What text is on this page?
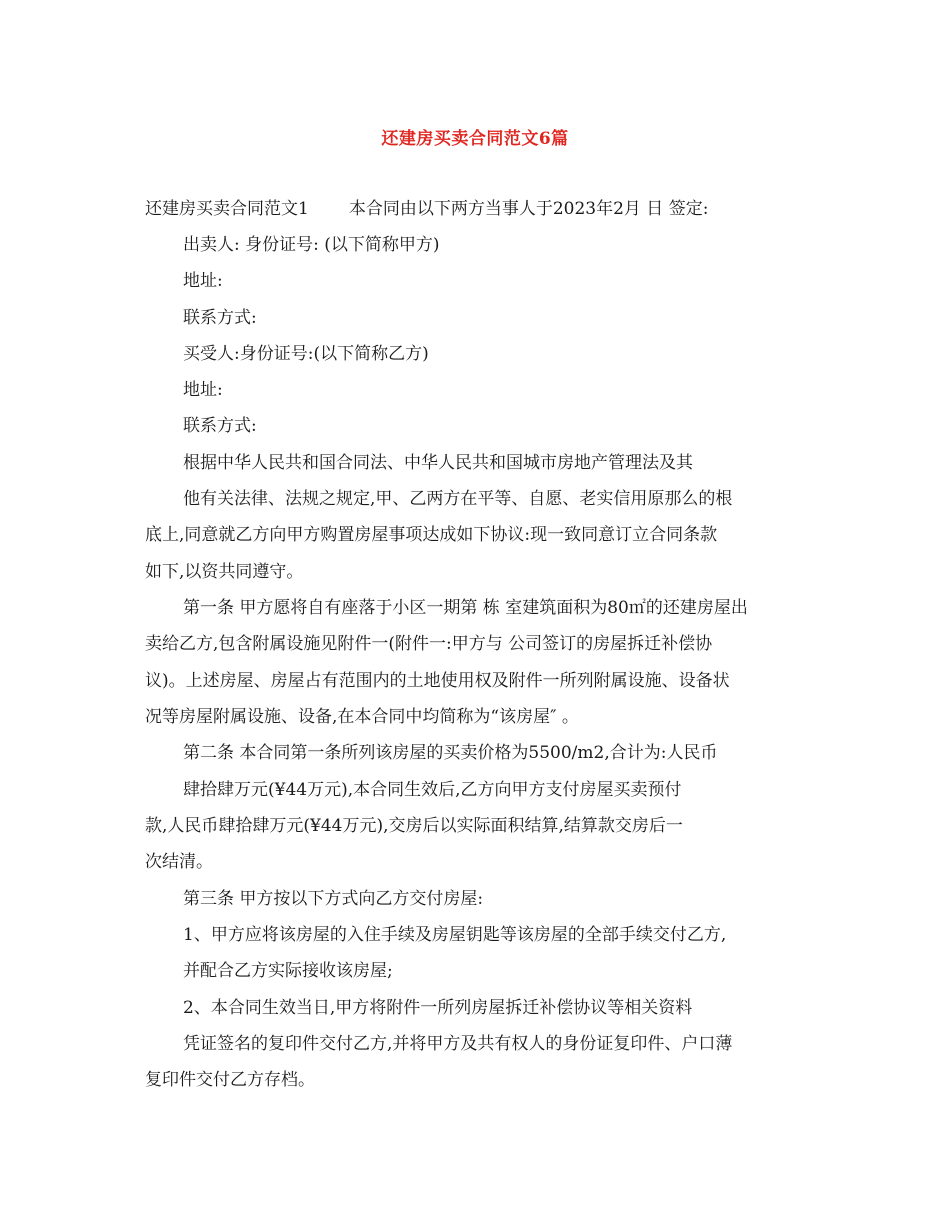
还建房买卖合同范文6篇
还建房买卖合同范文1 本合同由以下两方当事人于2023年2月 日 签定:
出卖人: 身份证号: (以下简称甲方)
地址:
联系方式:
买受人:身份证号:(以下简称乙方)
地址:
联系方式:
根据中华人民共和国合同法、中华人民共和国城市房地产管理法及其
他有关法律、法规之规定,甲、乙两方在平等、自愿、老实信用原那么的根
底上,同意就乙方向甲方购置房屋事项达成如下协议:现一致同意订立合同条款
如下,以资共同遵守。
第一条 甲方愿将自有座落于小区一期第 栋 室建筑面积为80㎡的还建房屋出
卖给乙方,包含附属设施见附件一(附件一:甲方与 公司签订的房屋拆迁补偿协
议)。上述房屋、房屋占有范围内的土地使用权及附件一所列附属设施、设备状
况等房屋附属设施、设备,在本合同中均简称为“该房屋″ 。
第二条 本合同第一条所列该房屋的买卖价格为5500/m2,合计为:人民币
肆拾肆万元(¥44万元),本合同生效后,乙方向甲方支付房屋买卖预付
款,人民币肆拾肆万元(¥44万元),交房后以实际面积结算,结算款交房后一
次结清。
第三条 甲方按以下方式向乙方交付房屋:
1、甲方应将该房屋的入住手续及房屋钥匙等该房屋的全部手续交付乙方,
并配合乙方实际接收该房屋;
2、本合同生效当日,甲方将附件一所列房屋拆迁补偿协议等相关资料
凭证签名的复印件交付乙方,并将甲方及共有权人的身份证复印件、户口薄
复印件交付乙方存档。
